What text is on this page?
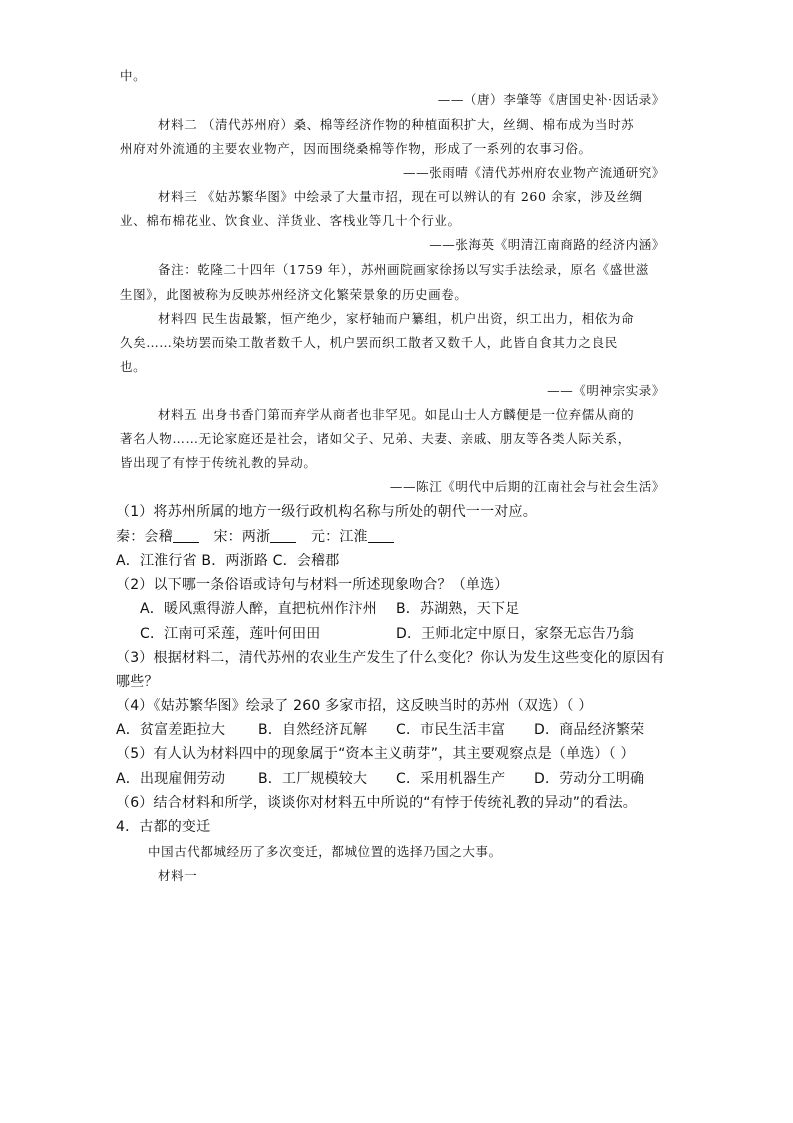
中。
——（唐）李肇等《唐国史补·因话录》
材料二 （清代苏州府）桑、棉等经济作物的种植面积扩大，丝绸、棉布成为当时苏
州府对外流通的主要农业物产，因而围绕桑棉等作物，形成了一系列的农事习俗。
——张雨晴《清代苏州府农业物产流通研究》
材料三 《姑苏繁华图》中绘录了大量市招，现在可以辨认的有 260 余家，涉及丝绸
业、棉布棉花业、饮食业、洋货业、客栈业等几十个行业。
——张海英《明清江南商路的经济内涵》
备注：乾隆二十四年（1759 年），苏州画院画家徐扬以写实手法绘录，原名《盛世滋
生图》，此图被称为反映苏州经济文化繁荣景象的历史画卷。
材料四 民生齿最繁，恒产绝少，家杼轴而户纂组，机户出资，织工出力，相依为命
久矣……染坊罢而染工散者数千人，机户罢而织工散者又数千人，此皆自食其力之良民
也。
——《明神宗实录》
材料五 出身书香门第而弃学从商者也非罕见。如昆山士人方麟便是一位弃儒从商的
著名人物……无论家庭还是社会，诸如父子、兄弟、夫妻、亲戚、朋友等各类人际关系，
皆出现了有悖于传统礼教的异动。
——陈江《明代中后期的江南社会与社会生活》
（1）将苏州所属的地方一级行政机构名称与所处的朝代一一对应。
秦：会稽	宋：两浙	元：江淮
A．江淮行省 B．两浙路 C．会稽郡
（2）以下哪一条俗语或诗句与材料一所述现象吻合？（单选）
A．暖风熏得游人醉，直把杭州作汴州 B．苏湖熟，天下足
C．江南可采莲，莲叶何田田	D．王师北定中原日，家祭无忘告乃翁
（3）根据材料二，清代苏州的农业生产发生了什么变化？你认为发生这些变化的原因有
哪些？
（4）《姑苏繁华图》绘录了 260 多家市招，这反映当时的苏州（双选）（ ）
A．贫富差距拉大 B．自然经济瓦解 C．市民生活丰富 D．商品经济繁荣
（5）有人认为材料四中的现象属于“资本主义萌芽”，其主要观察点是（单选）（ ）
A．出现雇佣劳动 B．工厂规模较大 C．采用机器生产 D．劳动分工明确
（6）结合材料和所学，谈谈你对材料五中所说的“有悖于传统礼教的异动”的看法。
4．古都的变迁
中国古代都城经历了多次变迁，都城位置的选择乃国之大事。
材料一
